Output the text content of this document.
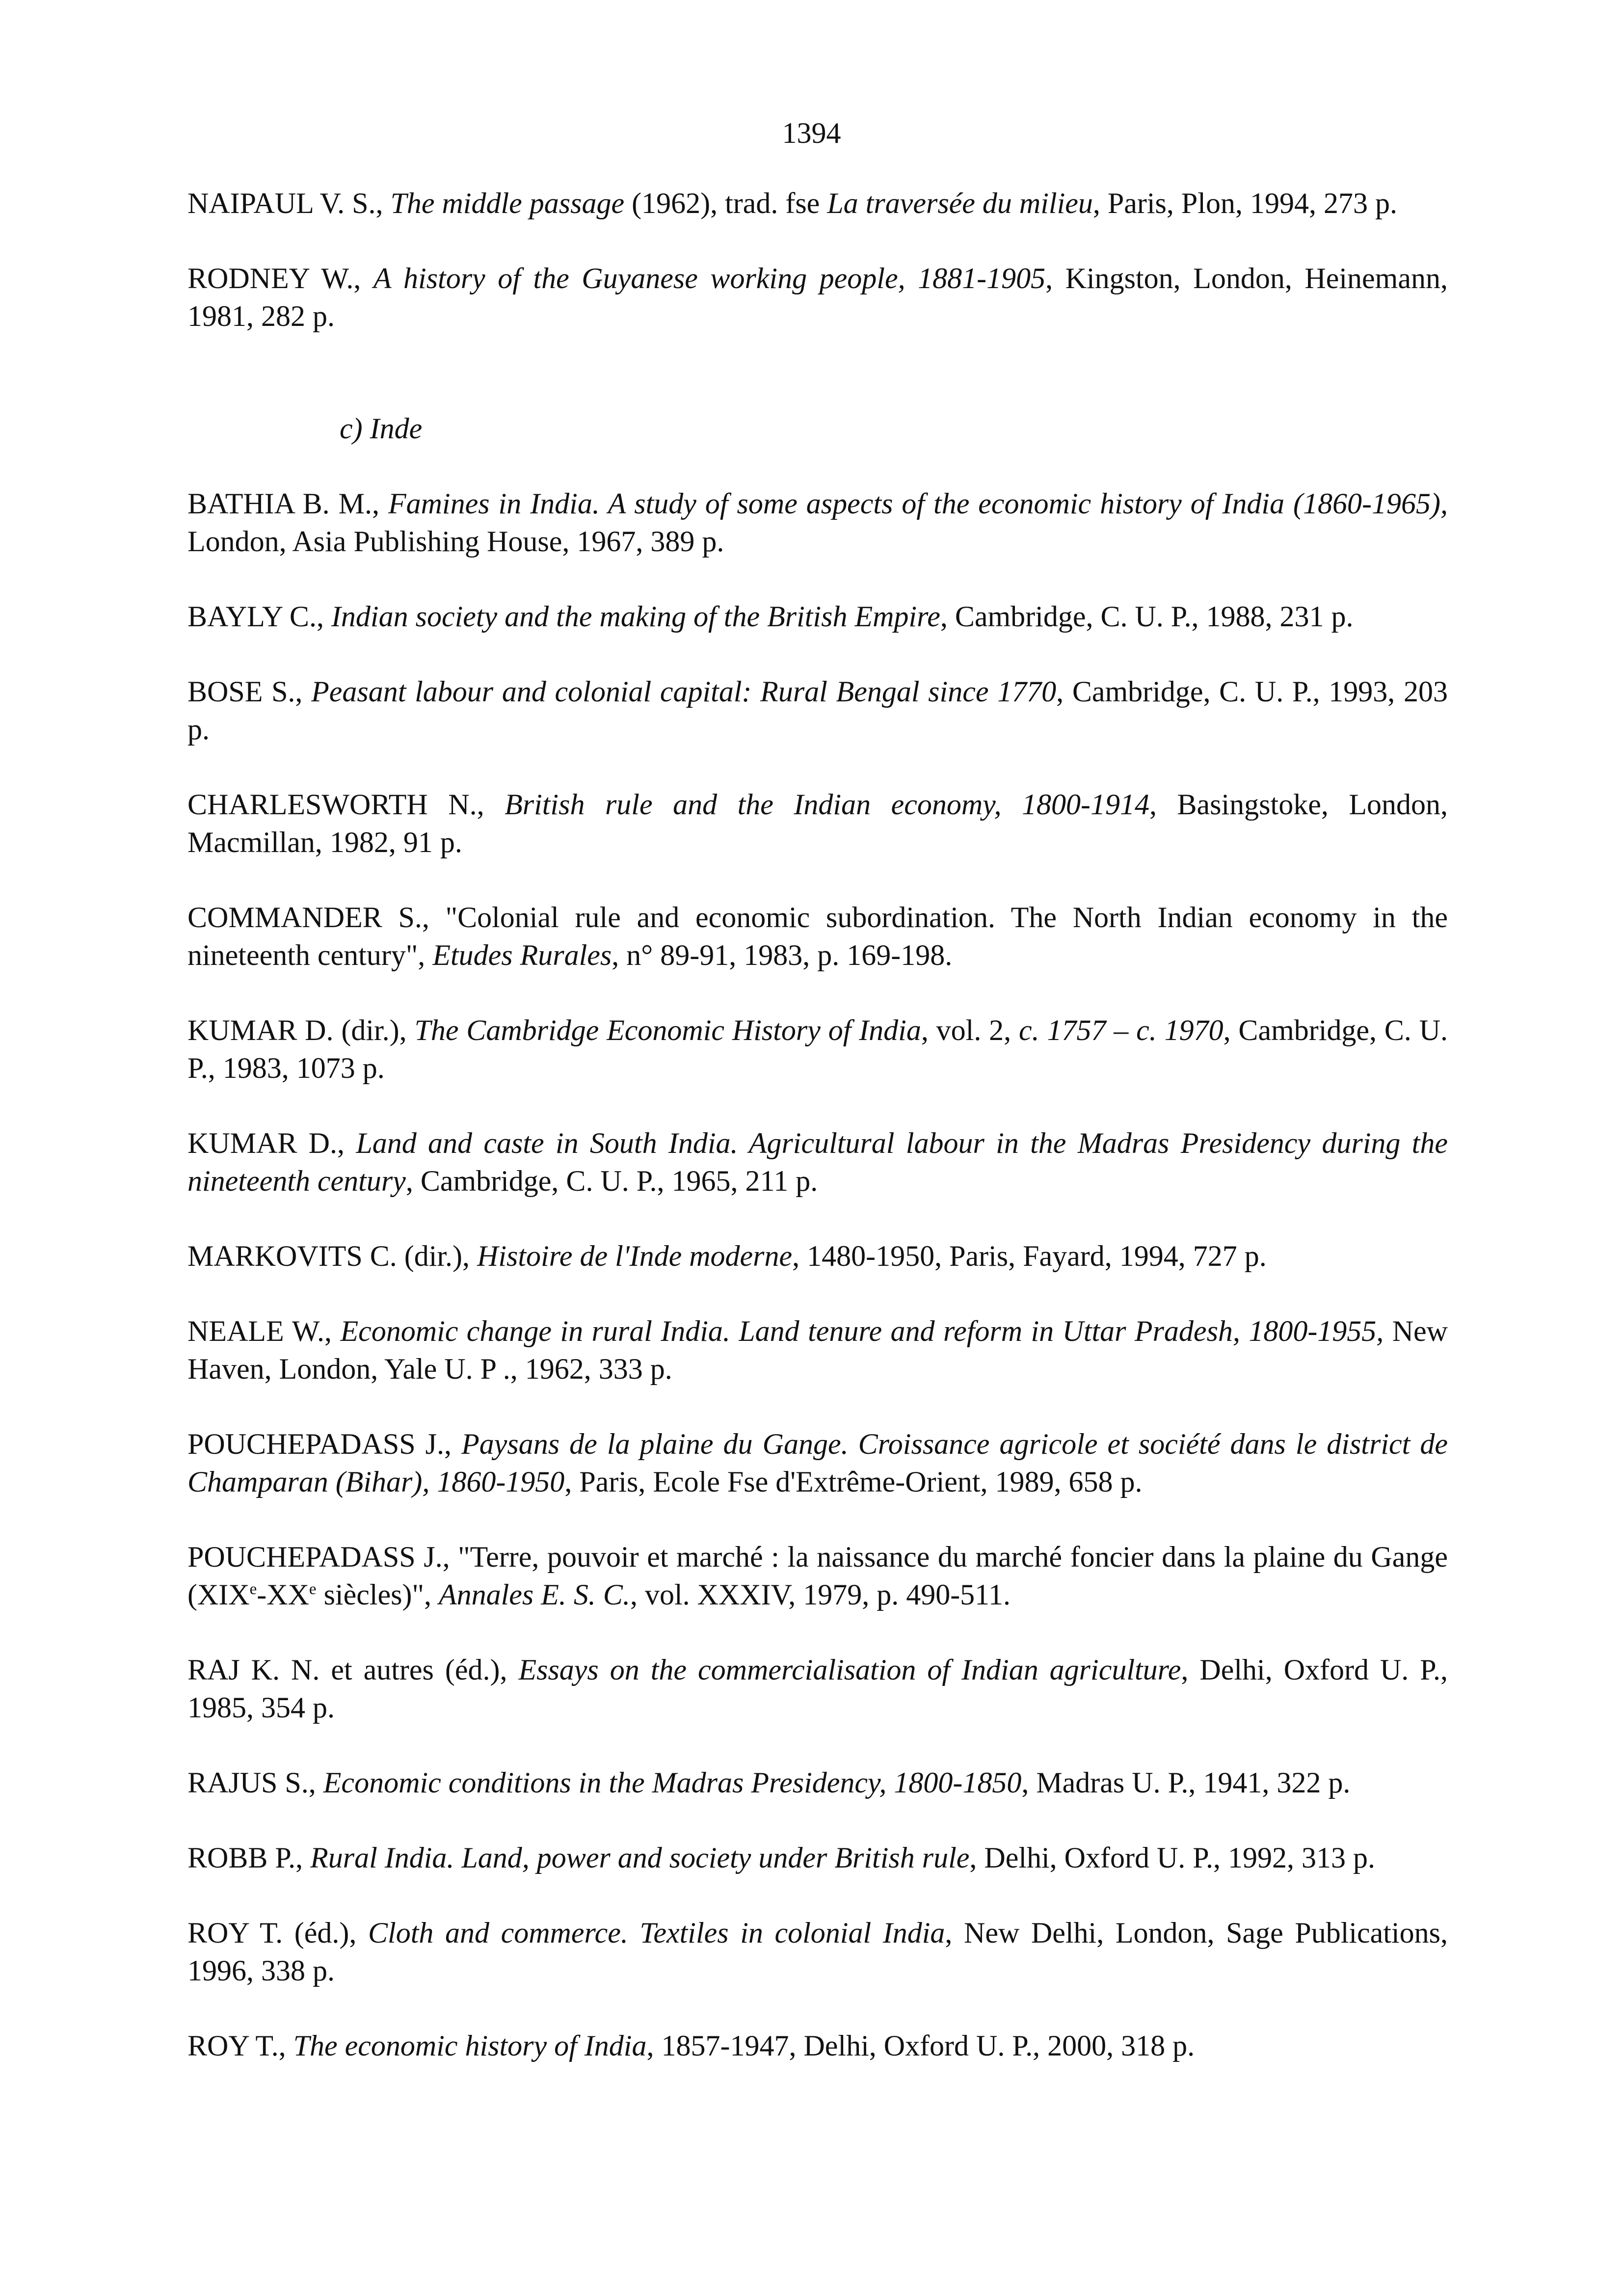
1394

NAIPAUL V. S., The middle passage (1962), trad. fse La traversée du milieu, Paris, Plon, 1994, 273 p.

RODNEY W., A history of the Guyanese working people, 1881-1905, Kingston, London, Heinemann, 1981, 282 p.

c) Inde

BATHIA B. M., Famines in India. A study of some aspects of the economic history of India (1860-1965), London, Asia Publishing House, 1967, 389 p.

BAYLY C., Indian society and the making of the British Empire, Cambridge, C. U. P., 1988, 231 p.

BOSE S., Peasant labour and colonial capital: Rural Bengal since 1770, Cambridge, C. U. P., 1993, 203 p.

CHARLESWORTH N., British rule and the Indian economy, 1800-1914, Basingstoke, London, Macmillan, 1982, 91 p.

COMMANDER S., "Colonial rule and economic subordination. The North Indian economy in the nineteenth century", Etudes Rurales, n° 89-91, 1983, p. 169-198.

KUMAR D. (dir.), The Cambridge Economic History of India, vol. 2, c. 1757 – c. 1970, Cambridge, C. U. P., 1983, 1073 p.

KUMAR D., Land and caste in South India. Agricultural labour in the Madras Presidency during the nineteenth century, Cambridge, C. U. P., 1965, 211 p.

MARKOVITS C. (dir.), Histoire de l'Inde moderne, 1480-1950, Paris, Fayard, 1994, 727 p.

NEALE W., Economic change in rural India. Land tenure and reform in Uttar Pradesh, 1800-1955, New Haven, London, Yale U. P ., 1962, 333 p.

POUCHEPADASS J., Paysans de la plaine du Gange. Croissance agricole et société dans le district de Champaran (Bihar), 1860-1950, Paris, Ecole Fse d'Extrême-Orient, 1989, 658 p.

POUCHEPADASS J., "Terre, pouvoir et marché : la naissance du marché foncier dans la plaine du Gange (XIXe-XXe siècles)", Annales E. S. C., vol. XXXIV, 1979, p. 490-511.

RAJ K. N. et autres (éd.), Essays on the commercialisation of Indian agriculture, Delhi, Oxford U. P., 1985, 354 p.

RAJUS S., Economic conditions in the Madras Presidency, 1800-1850, Madras U. P., 1941, 322 p.

ROBB P., Rural India. Land, power and society under British rule, Delhi, Oxford U. P., 1992, 313 p.

ROY T. (éd.), Cloth and commerce. Textiles in colonial India, New Delhi, London, Sage Publications, 1996, 338 p.

ROY T., The economic history of India, 1857-1947, Delhi, Oxford U. P., 2000, 318 p.
